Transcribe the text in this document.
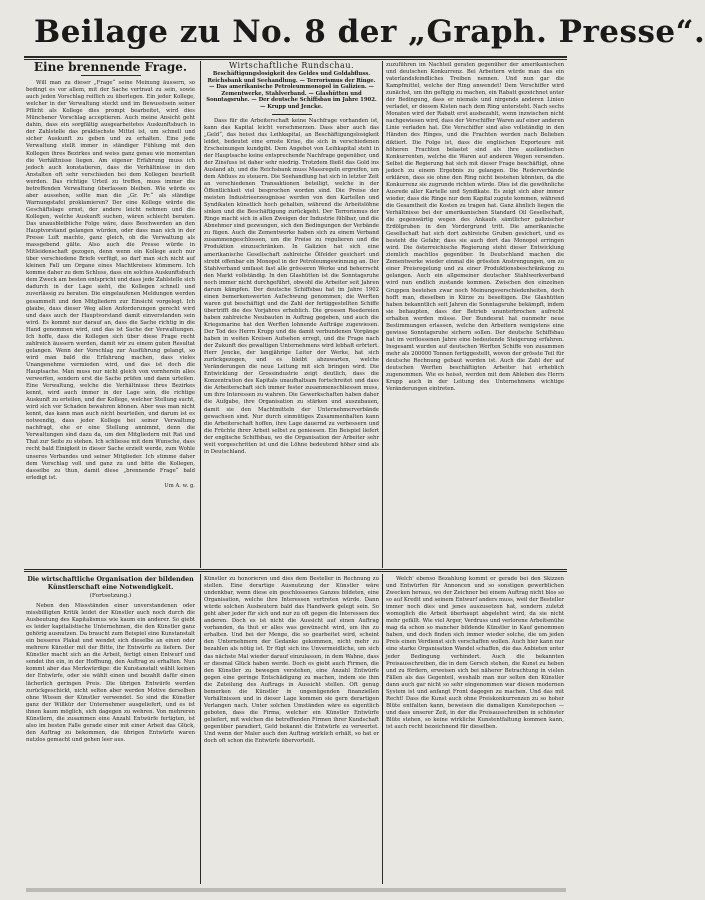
Beilage zu No. 8 der „Graph. Presse“.
Eine brennende Frage.

Will man zu dieser „Frage“ seine Meinung äussern, so bedingt es vor allem, mit der Sache vertraut zu sein, sowie auch jeden Vorschlag reiflich zu überlegen. Ein jeder Kollege, welcher in der Verwaltung steckt und im Bewusstsein seiner Pflicht als Kollege dies prompt bearbeitet, wird dies Münchener Vorschlag acceptieren. Auch meine Ansicht geht dahin, dass ein sorgfältig ausgearbeitetes Auskunftsbuch in der Zahlstelle das praktischste Mittel ist, um schnell und sicher Auskunft zu geben und zu erhalten. Eine jede Verwaltung stellt immer in ständiger Fühlung mit den Kollegen ihres Bezirkes und weiss ganz genau wie momentan die Verhältnisse liegen. Am eigener Erfahrung muss ich jedoch auch konstatieren, dass die Verhältnisse in den Anstalten oft sehr verschieden bei dem Kollegen beurteilt werden. Das richtige Urteil zu treffen, muss immer die betreffenden Verwaltung überlassen bleiben. Wie würde es aber aussehen, sollte man die „Gr. Pr.“ als ständige Warnungstafel proklamieren? Der eine Kollege würde die Geschäftslage ernst, der andere leicht nehmen und die Kollegen, welche Auskunft suchen, wären schlecht beraten. Das unausbleibliche Folge wäre, dass Beschwerden an den Hauptvorstand gelangen würden, oder dass man sich in der Presse Luft machte, ganz gleich, ob die Verwaltung als massgebend gälte. Also auch die Presse würde in Mitleidenschaft gezogen, denn wenn ein Kollege auch nur über verschiedene Briefe verfügt, so darf man sich nicht auf kleinen Fall um Organe eines Machtkreises kümmern. Ich komme daher zu dem Schluss, dass ein solches Auskunftsbuch dem Zweck am besten entspricht und dass jede Zahlstelle sich dadurch in der Lage sieht, die Kollegen schnell und zuverlässig zu beraten. Die eingelaufenen Meldungen werden gesammelt und den Mitgliedern zur Einsicht vorgelegt. Ich glaube, dass dieser Weg allen Anforderungen gerecht wird und dass auch der Hauptvorstand damit einverstanden sein wird. Es kommt nur darauf an, dass die Sache richtig in die Hand genommen wird, und das ist Sache der Verwaltungen. Ich hoffe, dass die Kollegen sich über diese Frage recht zahlreich äussern werden, damit wir zu einem guten Resultat gelangen. Wenn der Vorschlag zur Ausführung gelangt, so wird man bald die Erfahrung machen, dass vieles Unangenehme vermieden wird, und das ist doch die Hauptsache. Man muss nur nicht gleich von vornherein alles verwerfen, sondern erst die Sache prüfen und dann urteilen. Eine Verwaltung, welche die Verhältnisse ihres Bezirkes kennt, wird auch immer in der Lage sein, die richtige Auskunft zu erteilen, und der Kollege, welcher Stellung sucht, wird sich vor Schaden bewahren können. Aber was man nicht kennt, das kann man auch nicht beurteilen, und darum ist es notwendig, dass jeder Kollege bei seiner Verwaltung nachfragt, ehe er eine Stellung annimmt, denn die Verwaltungen sind dazu da, um den Mitgliedern mit Rat und That zur Seite zu stehen. Ich schliesse mit dem Wunsche, dass recht bald Einigkeit in dieser Sache erzielt werde, zum Wohle unseres Verbandes und seiner Mitglieder. Ich stimme daher dem Vorschlag voll und ganz zu und bitte die Kollegen, dasselbe zu thun, damit diese „brennende Frage“ bald erledigt ist.

Um A. w. g.
Wirtschaftliche Rundschau.
Beschäftigungslosigkeit des Geldes und Goldabfluss. Reichsbank und Seehandlung. — Terrorismus der Ringe. — Das amerikanische Petroleummonopol in Galizien. — Zementwerke, Stahlverband. — Glashütten und Sonntagsruhe. — Der deutsche Schiffsbau im Jahre 1902. — Krupp und Jencke.

Dass für die Arbeiterschaft keine Nachfrage vorhanden ist, kann das Kapital leicht verschmerzen. Dass aber auch das „Geld“, das heisst das Leihkapital, an Beschäftigungslosigkeit leidet, bedeutet eine ernste Krise, die sich in verschiedenen Erscheinungen kundgibt. Dem Angebot von Leihkapital steht in der Hauptsache keine entsprechende Nachfrage gegenüber, und der Zinsfuss ist daher sehr niedrig. Trotzdem fließt das Gold ins Ausland ab, und die Reichsbank muss Massregeln ergreifen, um dem Abfluss zu steuern. Die Seehandlung hat sich in letzter Zeit an verschiedenen Transaktionen beteiligt, welche in der Öffentlichkeit viel besprochen worden sind. Die Preise der meisten Industrieerzeugnisse werden von den Kartellen und Syndikaten künstlich hoch gehalten, während die Arbeitslöhne sinken und die Beschäftigung zurückgeht. Der Terrorismus der Ringe macht sich in allen Zweigen der Industrie fühlbar, und die Abnehmer sind gezwungen, sich den Bedingungen der Verbände zu fügen. Auch die Zementwerke haben sich zu einem Verband zusammengeschlossen, um die Preise zu regulieren und die Produktion einzuschränken. In Galizien hat sich eine amerikanische Gesellschaft zahlreiche Ölfelder gesichert und strebt offenbar ein Monopol in der Petroleumgewinnung an. Der Stahlverband umfasst fast alle grösseren Werke und beherrscht den Markt vollständig. In den Glashütten ist die Sonntagsruhe noch immer nicht durchgeführt, obwohl die Arbeiter seit Jahren darum kämpfen. Der deutsche Schiffsbau hat im Jahre 1902 einen bemerkenswerten Aufschwung genommen; die Werften waren gut beschäftigt und die Zahl der fertiggestellten Schiffe übertrifft die des Vorjahres erheblich. Die grossen Reedereien haben zahlreiche Neubauten in Auftrag gegeben, und auch die Kriegsmarine hat den Werften lohnende Aufträge zugewiesen. Der Tod des Herrn Krupp und die damit verbundenen Vorgänge haben in weiten Kreisen Aufsehen erregt, und die Frage nach der Zukunft des gewaltigen Unternehmens wird lebhaft erörtert. Herr Jencke, der langjährige Leiter der Werke, hat sich zurückgezogen, und es bleibt abzuwarten, welche Veränderungen die neue Leitung mit sich bringen wird. Die Entwicklung der Grossindustrie zeigt deutlich, dass die Konzentration des Kapitals unaufhaltsam fortschreitet und dass die Arbeiterschaft sich immer fester zusammenschliessen muss, um ihre Interessen zu wahren. Die Gewerkschaften haben daher die Aufgabe, ihre Organisation zu stärken und auszubauen, damit sie den Machtmitteln der Unternehmerverbände gewachsen sind. Nur durch einmütiges Zusammenhalten kann die Arbeiterschaft hoffen, ihre Lage dauernd zu verbessern und die Früchte ihrer Arbeit selbst zu geniessen. Ein Beispiel liefert der englische Schiffsbau, wo die Organisation der Arbeiter sehr weit vorgeschritten ist und die Löhne bedeutend höher sind als in Deutschland.

zuzuführen im Nachteil geraten gegenüber der amerikanischen und deutschen Konkurrenz. Bei Arbeitern würde man das ein vaterlandsfeindliches Treiben nennen. Und nun gar die Kampfmittel, welche der Ring anwendet! Dem Verschiffer wird zunächst, um ihn gefügig zu machen, ein Rabatt gezeichnet unter der Bedingung, dass er niemals und nirgends anderen Linien verladet, er diesem Kisten nach dem Ring untersteht. Nach sechs Monaten wird der Rabatt erst ausbezahlt, wenn inzwischen nicht nachgewiesen wird, dass der Verschiffer Waren auf einer anderen Linie verladen hat. Die Verschiffer sind also vollständig in den Händen des Ringes, und die Frachten werden nach Belieben diktiert. Die Folge ist, dass die englischen Exporteure mit höheren Frachten belastet sind als ihre ausländischen Konkurrenten, welche die Waren auf anderen Wegen versenden. Selbst die Regierung hat sich mit dieser Frage beschäftigt, ohne jedoch zu einem Ergebnis zu gelangen. Die Rederverbände erklären, dass sie ohne den Ring nicht bestehen könnten, da die Konkurrenz sie zugrunde richten würde. Dies ist die gewöhnliche Ausrede aller Kartelle und Syndikate. Es zeigt sich aber immer wieder, dass die Ringe nur dem Kapital zugute kommen, während die Gesamtheit die Kosten zu tragen hat. Ganz ähnlich liegen die Verhältnisse bei der amerikanischen Standard Oil Gesellschaft, die gegenwärtig wegen des Ankaufs sämtlicher galizischer Erdölgruben in den Vordergrund tritt. Die amerikanische Gesellschaft hat sich dort zahlreiche Gruben gesichert, und es besteht die Gefahr, dass sie auch dort das Monopol erringen wird. Die österreichische Regierung steht dieser Entwicklung ziemlich machtlos gegenüber. In Deutschland machen die Zementwerke wieder einmal die grössten Anstrengungen, um zu einer Preisregelung und zu einer Produktionsbeschränkung zu gelangen. Auch ein allgemeiner deutscher Stahlwerkverband wird nun endlich zustande kommen. Zwischen den einzelnen Gruppen bestehen zwar noch Meinungsverschiedenheiten, doch hofft man, dieselben in Kürze zu beseitigen. Die Glashütten haben bekanntlich seit Jahren die Sonntagsruhe bekämpft, indem sie behaupten, dass der Betrieb ununterbrochen aufrecht erhalten werden müsse. Der Bundesrat hat nunmehr neue Bestimmungen erlassen, welche den Arbeitern wenigstens eine gewisse Sonntagsruhe sichern sollen. Der deutsche Schiffsbau hat im verflossenen Jahre eine bedeutende Steigerung erfahren. Insgesamt wurden auf deutschen Werften Schiffe von zusammen mehr als 200000 Tonnen fertiggestellt, wovon der grösste Teil für deutsche Rechnung gebaut worden ist. Auch die Zahl der auf deutschen Werften beschäftigten Arbeiter hat erheblich zugenommen. Wie es heisst, werden mit dem Ableben des Herrn Krupp auch in der Leitung des Unternehmens wichtige Veränderungen eintreten.

Die wirtschaftliche Organisation der bildenden Künstlerschaft eine Notwendigkeit.
(Fortsetzung.)

Neben den Missständen einer unverstandenen oder missbilligten Kritik leidet der Künstler auch noch durch die Ausbeutung des Kapitalismus wie kaum ein anderer. So giebt es leider kapitalistische Unternehmen, die den Künstler ganz gehörig ausnutzen. Da braucht zum Beispiel eine Kunstanstalt ein besseres Plakat und wendet sich dieselbe an einen oder mehrere Künstler mit der Bitte, ihr Entwürfe zu liefern. Der Künstler macht sich an die Arbeit, fertigt einen Entwurf und sendet ihn ein, in der Hoffnung, den Auftrag zu erhalten. Nun kommt aber das Merkwürdige: die Kunstanstalt wählt keinen der Entwürfe, oder sie wählt einen und bezahlt dafür einen lächerlich geringen Preis. Die übrigen Entwürfe werden zurückgeschickt, nicht selten aber werden Motive derselben ohne Wissen der Künstler verwendet. So sind die Künstler ganz der Willkür der Unternehmer ausgeliefert, und es ist ihnen kaum möglich, sich dagegen zu wehren. Von mehreren Künstlern, die zusammen eine Anzahl Entwürfe fertigten, ist also im besten Falle gerade einer mit einer Arbeit das Glück, den Auftrag zu bekommen, die übrigen Entwürfe waren nutzlos gemacht und gehen leer aus.

Künstler zu honorieren und dies dem Besteller in Rechnung zu stellen. Eine derartige Ausnutzung der Künstler wäre undenkbar, wenn diese ein geschlossenes Ganzes bildeten, eine Organisation, welche ihre Interessen vertreten würde. Dann würde solchen Ausbeutern bald das Handwerk gelegt sein. So geht aber jeder für sich und nur zu oft gegen die Interessen des anderen. Doch es ist nicht die Aussicht auf einen Auftrag vorhanden, da thut er alles was gewünscht wird, um ihn zu erhalten. Und bei der Menge, die so gearbeitet wird, scheint den Unternehmern der Gedanke gekommen, nicht mehr zu bezahlen als nötig ist. Er fügt sich ins Unvermeidliche, um sich das nächste Mal wieder darauf einzulassen, in dem Wahne, dass er diesmal Glück haben werde. Doch es giebt auch Firmen, die den Künstler zu bewegen verstehen, eine Anzahl Entwürfe gegen eine geringe Entschädigung zu machen, indem sie ihm die Zuteilung des Auftrags in Aussicht stellen. Oft genug bemerken die Künstler in ungenügenden finanziellen Verhältnissen und in dieser Lage kommen sie gern derartigen Verlangen nach. Unter solchen Umständen wäre es eigentlich geboten, dass die Firma, welcher ein Künstler Entwürfe geliefert, mit welchen die betreffenden Firmen ihrer Kundschaft gegenüber paradiert, Geld bekannt die Entwürfe zu verwertet. Und wenn der Maler auch den Auftrag wirklich erhält, so hat er doch oft schon die Entwürfe übervorteilt.

Welch' ebenso Bezahlung kommt er gerade bei den Skizzen und Entwürfen für Annoncen und so sonstigen gewerblichen Zwecken heraus, wo der Zeichner bei einem Auftrag nicht blos so so auf Kredit und seinem Entwurf anders muss, weil der Besteller immer noch dies und jenes auszusetzen hat, sondern zuletzt womoglich die Arbeit überhaupt abgelehnt wird, da sie nicht mehr gefällt. Wie viel Arger, Verdruss und verlorene Arbeitsmühe mag da schon so mancher bildende Künstler in Kauf genommen haben, und doch finden sich immer wieder solche, die um jeden Preis einen Verdienst sich verschaffen wollen. Auch hier kann nur eine starke Organisation Wandel schaffen, die das Anbieten unter jeder Bedingung verhindert. Auch die bekannten Preisausschreiben, die in dem Gersch stehen, die Kunst zu heben und zu fördern, erweisen sich bei näherer Betrachtung in vielen Fällen als das Gegenteil, weshalb man nur selten den Künstler dann auch gar nicht so sehr eingenommen war diesen modernen System ist und anfangt Front dagegen zu machen. Und das mit Recht! Dass die Kunst auch ohne Preiskonkurrenzen zu so hoher Blüte entfalten kann, beweisen die damaligen Kunstepochen — und dass unserer Zeit, in der die Preisausschreiben in schönster Blüte stehen, so keine wirkliche Kunstentfaltung kommen kann, ist auch recht bezeichnend für dieselben.
